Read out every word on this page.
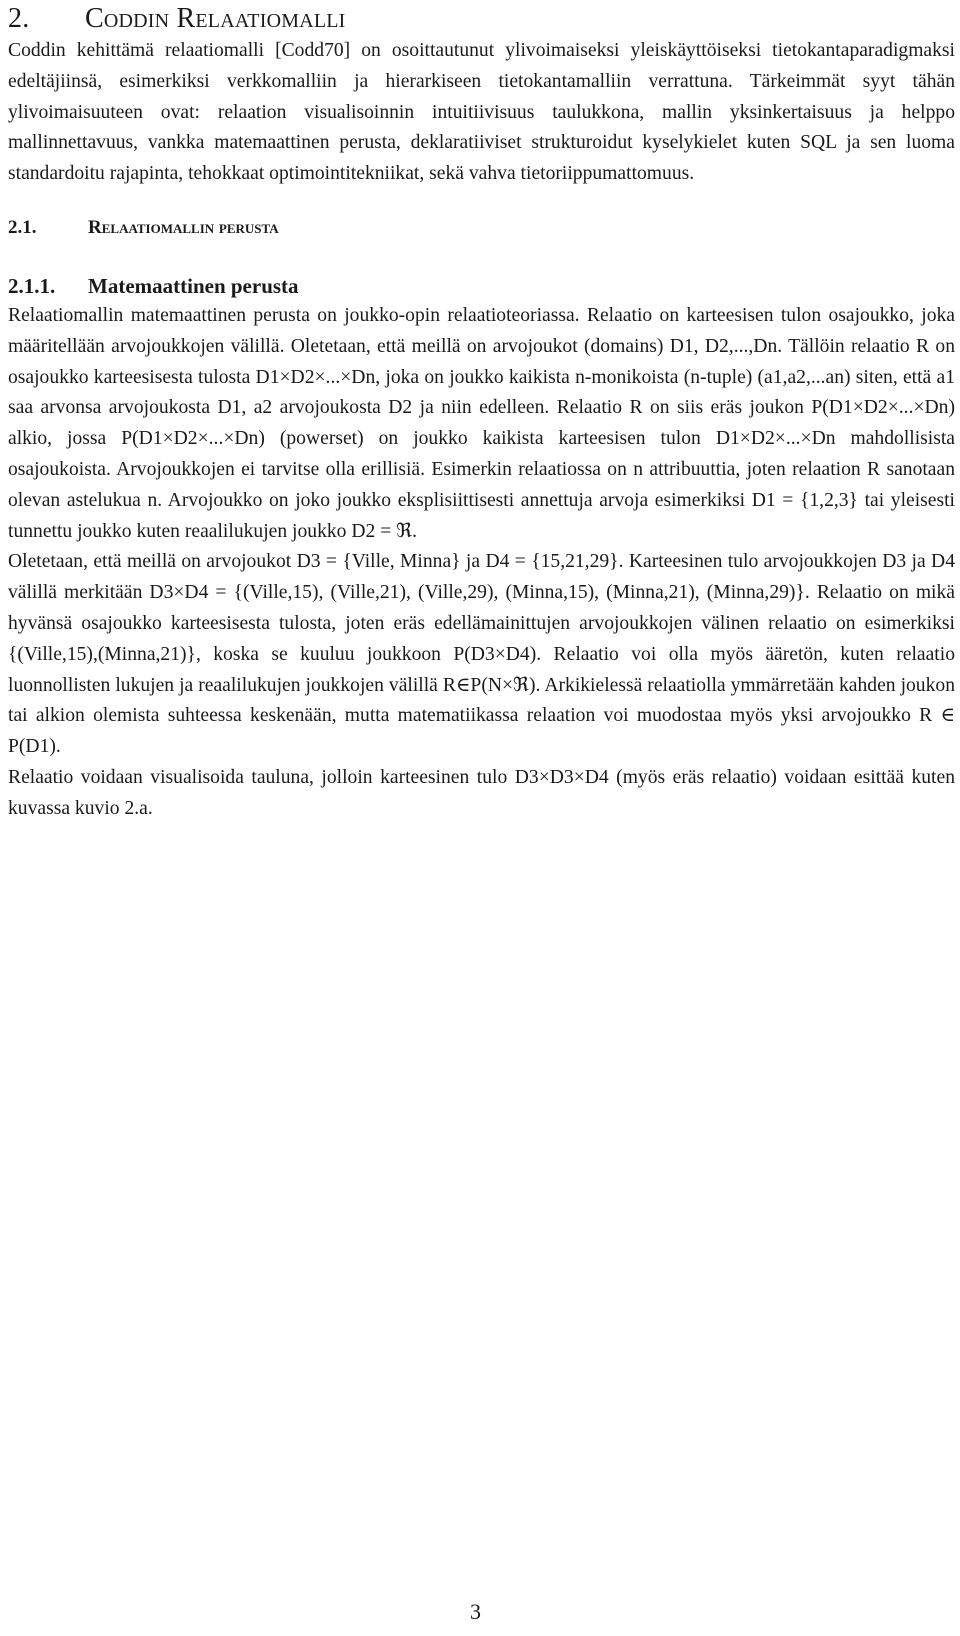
2. Coddin Relaatiomalli

Coddin kehittämä relaatiomalli [Codd70] on osoittautunut ylivoimaiseksi yleiskäyttöiseksi tietokantaparadigmaksi edeltäjiinsä, esimerkiksi verkkomalliin ja hierarkiseen tietokantamalliin verrattuna. Tärkeimmät syyt tähän ylivoimaisuuteen ovat: relaation visualisoinnin intuitiivisuus taulukkona, mallin yksinkertaisuus ja helppo mallinnettavuus, vankka matemaattinen perusta, deklaratiiviset strukturoidut kyselykielet kuten SQL ja sen luoma standardoitu rajapinta, tehokkaat optimointitekniikat, sekä vahva tietoriippumattomuus.

2.1.	Relaatiomallin perusta
2.1.1. Matemaattinen perusta

Relaatiomallin matemaattinen perusta on joukko-opin relaatioteoriassa. Relaatio on karteesisen tulon osajoukko, joka määritellään arvojoukkojen välillä. Oletetaan, että meillä on arvojoukot (domains) D1, D2,...,Dn. Tällöin relaatio R on osajoukko karteesisesta tulosta D1×D2×...×Dn, joka on joukko kaikista n-monikoista (n-tuple) (a1,a2,...an) siten, että a1 saa arvonsa arvojoukosta D1, a2 arvojoukosta D2 ja niin edelleen. Relaatio R on siis eräs joukon P(D1×D2×...×Dn) alkio, jossa P(D1×D2×...×Dn) (powerset) on joukko kaikista karteesisen tulon D1×D2×...×Dn mahdollisista osajoukoista. Arvojoukkojen ei tarvitse olla erillisiä. Esimerkin relaatiossa on n attribuuttia, joten relaation R sanotaan olevan astelukua n. Arvojoukko on joko joukko eksplisiittisesti annettuja arvoja esimerkiksi D1 = {1,2,3} tai yleisesti tunnettu joukko kuten reaalilukujen joukko D2 = ℜ.

Oletetaan, että meillä on arvojoukot D3 = {Ville, Minna} ja D4 = {15,21,29}. Karteesinen tulo arvojoukkojen D3 ja D4 välillä merkitään D3×D4 = {(Ville,15), (Ville,21), (Ville,29), (Minna,15), (Minna,21), (Minna,29)}. Relaatio on mikä hyvänsä osajoukko karteesisesta tulosta, joten eräs edellämainittujen arvojoukkojen välinen relaatio on esimerkiksi {(Ville,15),(Minna,21)}, koska se kuuluu joukkoon P(D3×D4). Relaatio voi olla myös ääretön, kuten relaatio luonnollisten lukujen ja reaalilukujen joukkojen välillä R∈P(N×ℜ). Arkikielessä relaatiolla ymmärretään kahden joukon tai alkion olemista suhteessa keskenään, mutta matematiikassa relaation voi muodostaa myös yksi arvojoukko R ∈ P(D1).

Relaatio voidaan visualisoida tauluna, jolloin karteesinen tulo D3×D3×D4 (myös eräs relaatio) voidaan esittää kuten kuvassa kuvio 2.a.

3
